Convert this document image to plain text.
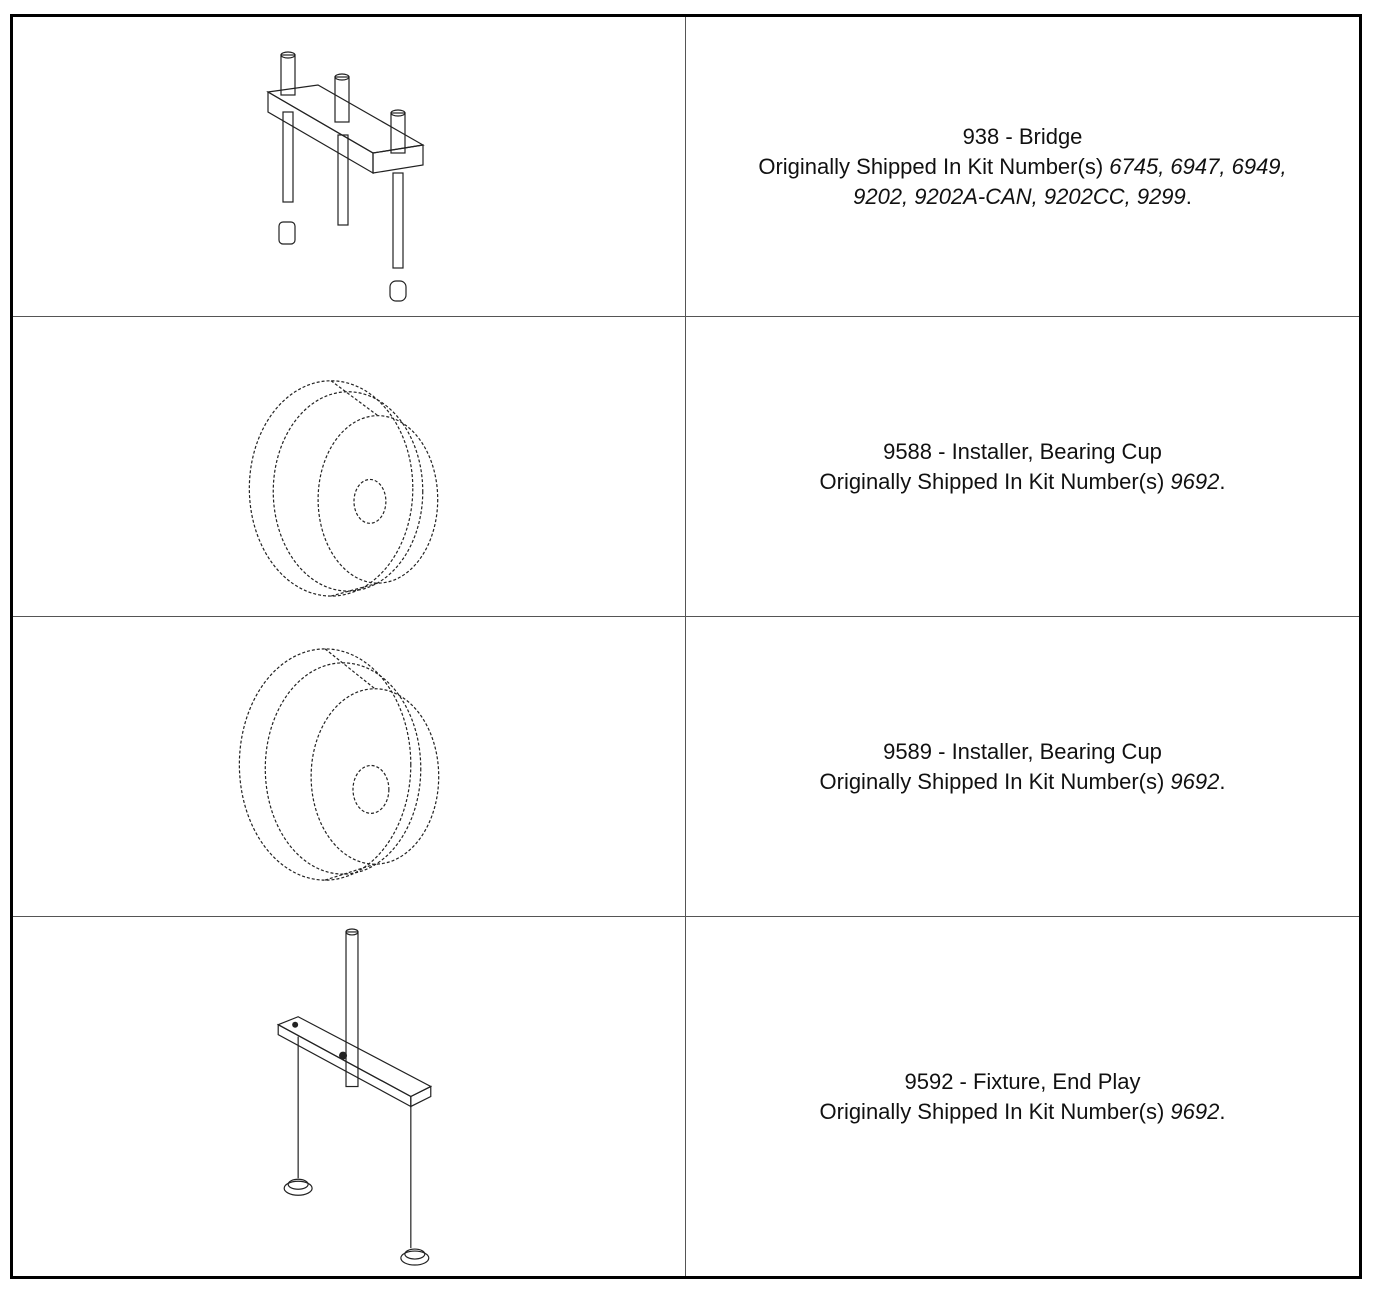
938 - Bridge
Originally Shipped In Kit Number(s) 6745, 6947, 6949,
9202, 9202A-CAN, 9202CC, 9299.
9588 - Installer, Bearing Cup
Originally Shipped In Kit Number(s) 9692.
9589 - Installer, Bearing Cup
Originally Shipped In Kit Number(s) 9692.
9592 - Fixture, End Play
Originally Shipped In Kit Number(s) 9692.
